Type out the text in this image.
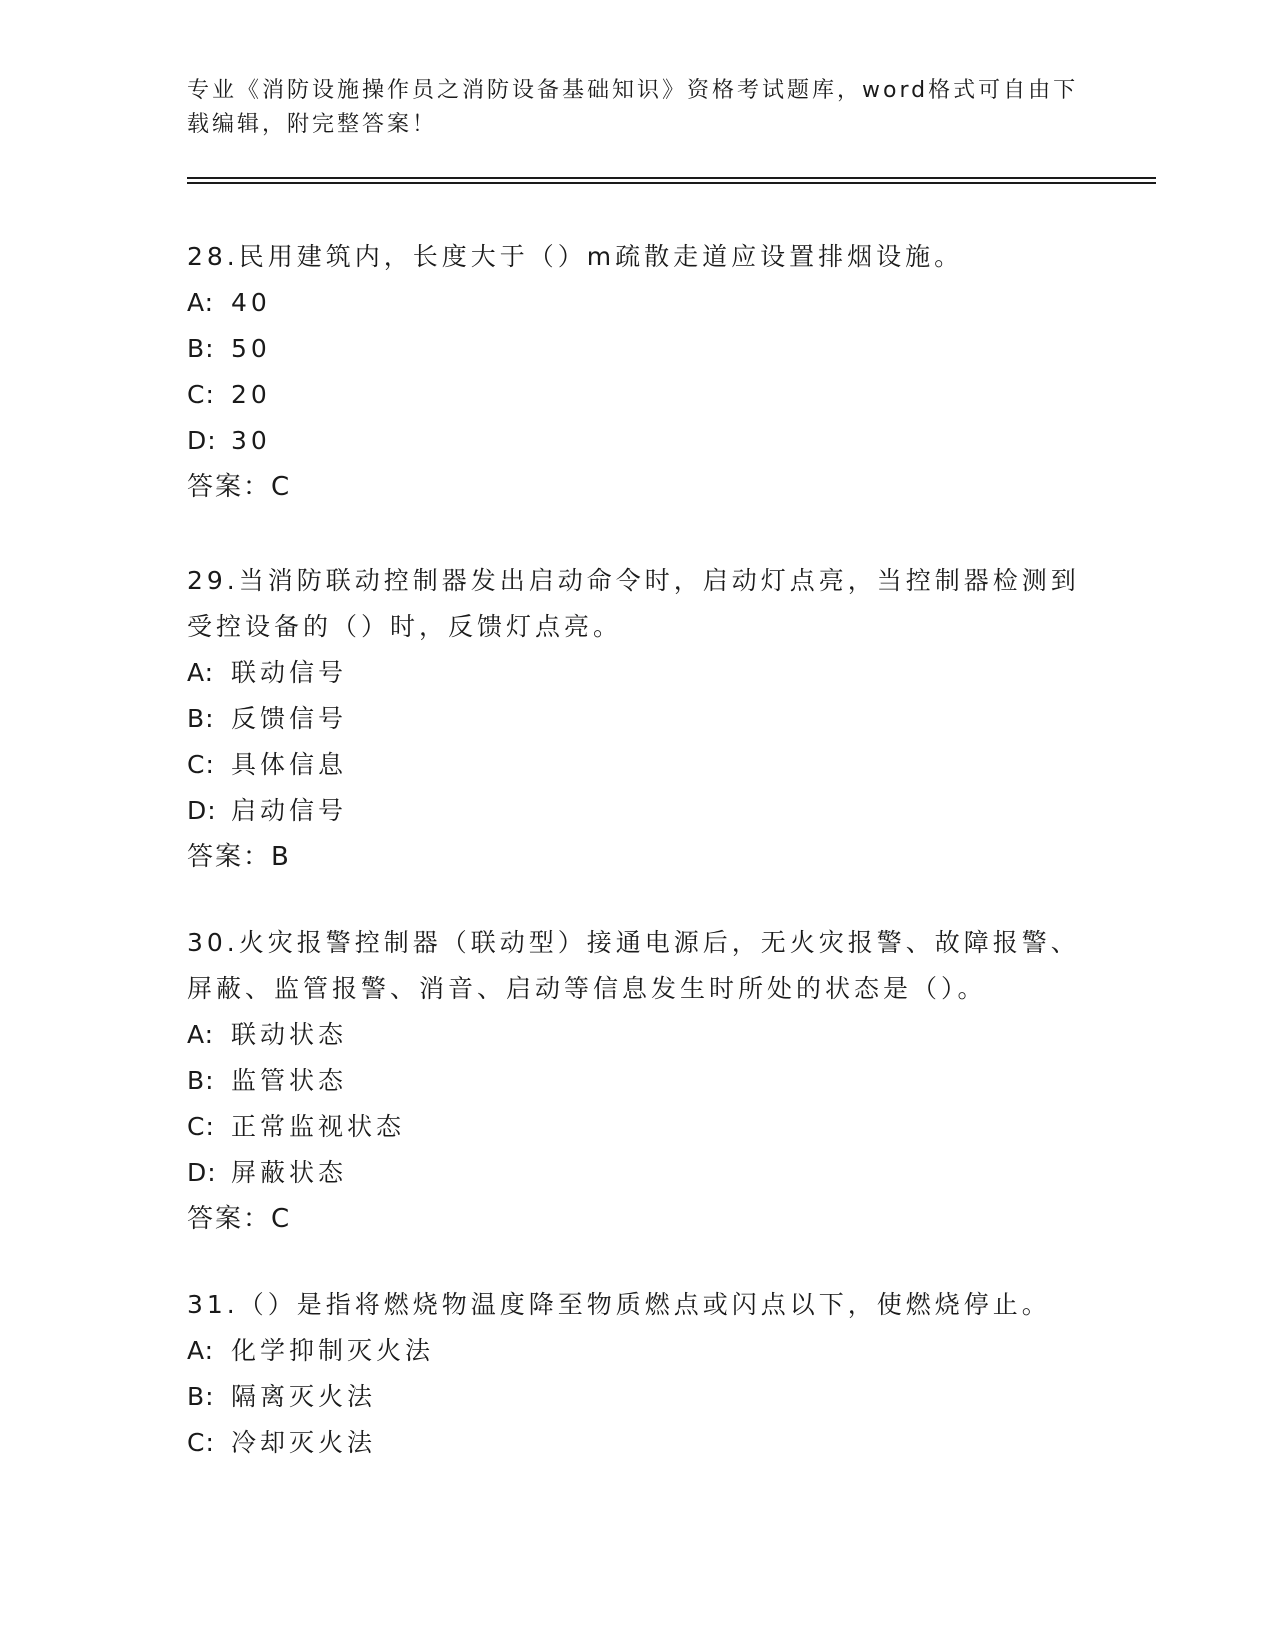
专业《消防设施操作员之消防设备基础知识》资格考试题库，word格式可自由下载编辑，附完整答案！
28.民用建筑内，长度大于（）m疏散走道应设置排烟设施。
A: 40
B: 50
C: 20
D: 30
答案：C
29.当消防联动控制器发出启动命令时，启动灯点亮，当控制器检测到受控设备的（）时，反馈灯点亮。
A: 联动信号
B: 反馈信号
C: 具体信息
D: 启动信号
答案：B
30.火灾报警控制器（联动型）接通电源后，无火灾报警、故障报警、屏蔽、监管报警、消音、启动等信息发生时所处的状态是（）。
A: 联动状态
B: 监管状态
C: 正常监视状态
D: 屏蔽状态
答案：C
31.（）是指将燃烧物温度降至物质燃点或闪点以下，使燃烧停止。
A: 化学抑制灭火法
B: 隔离灭火法
C: 冷却灭火法
